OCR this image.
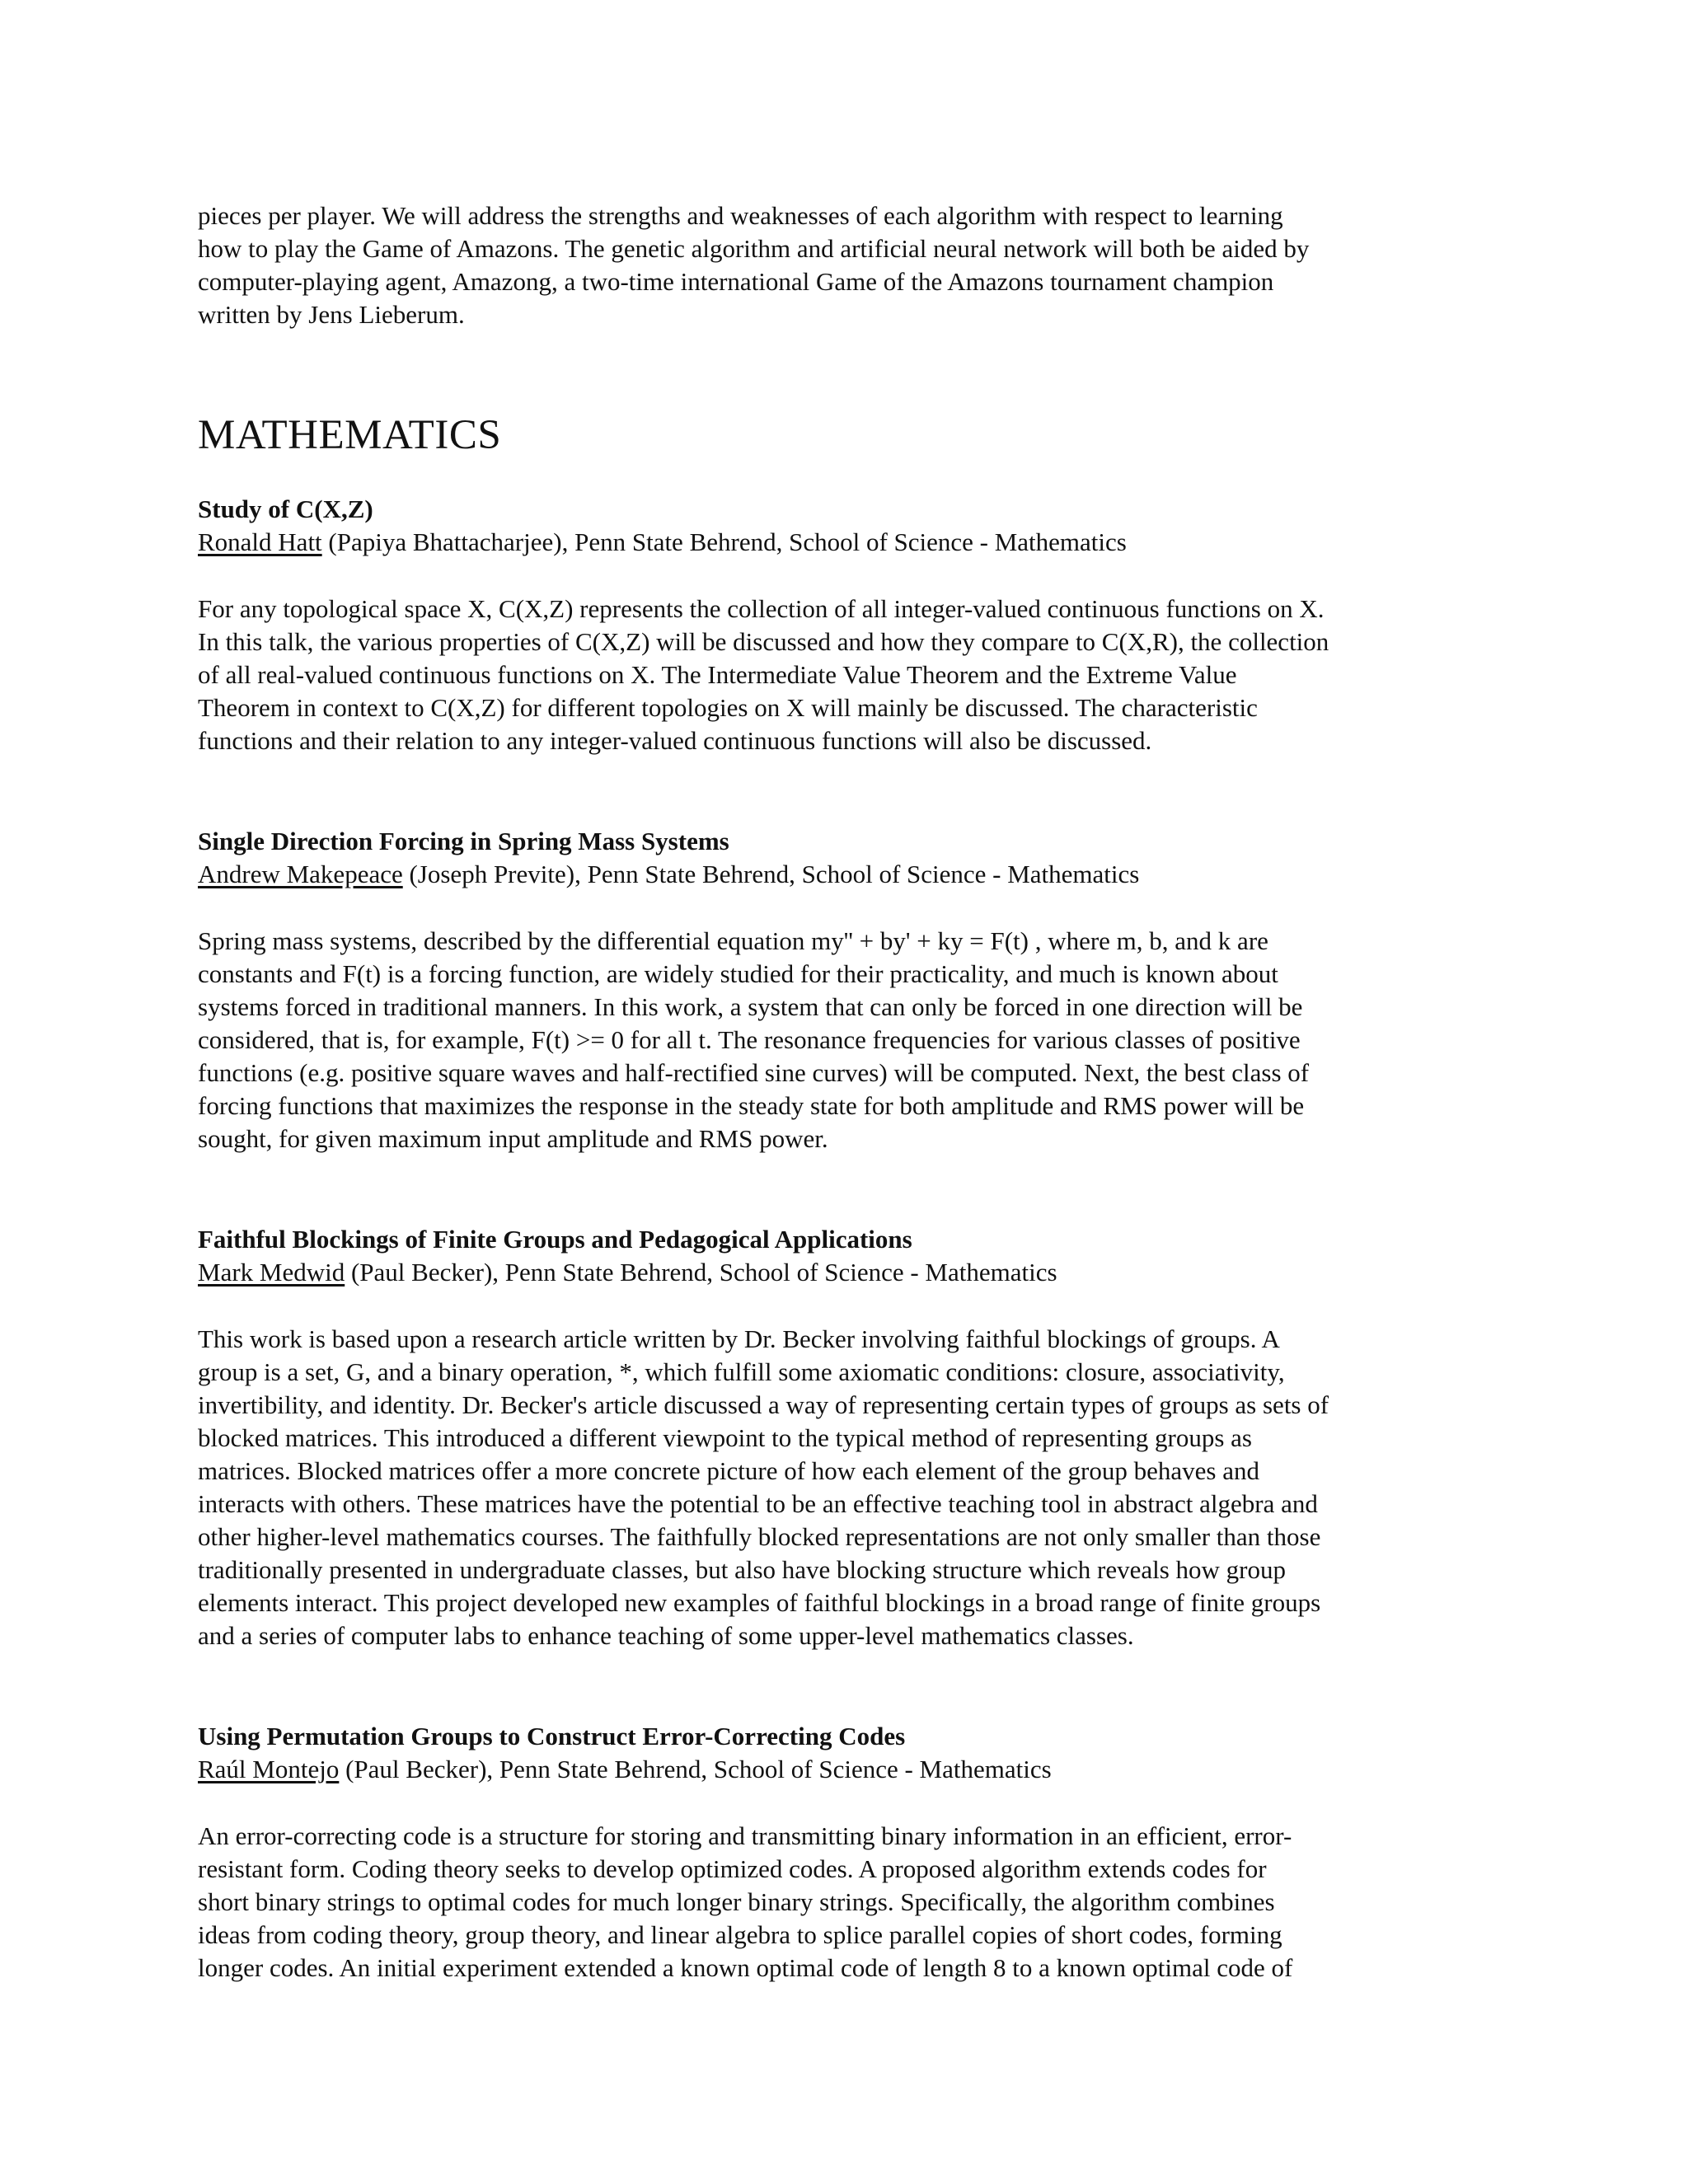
pieces per player. We will address the strengths and weaknesses of each algorithm with respect to learning
how to play the Game of Amazons. The genetic algorithm and artificial neural network will both be aided by
computer-playing agent, Amazong, a two-time international Game of the Amazons tournament champion
written by Jens Lieberum.

MATHEMATICS

Study of C(X,Z)

Ronald Hatt (Papiya Bhattacharjee), Penn State Behrend, School of Science - Mathematics

For any topological space X, C(X,Z) represents the collection of all integer-valued continuous functions on X.
In this talk, the various properties of C(X,Z) will be discussed and how they compare to C(X,R), the collection
of all real-valued continuous functions on X. The Intermediate Value Theorem and the Extreme Value
Theorem in context to C(X,Z) for different topologies on X will mainly be discussed. The characteristic
functions and their relation to any integer-valued continuous functions will also be discussed.

Single Direction Forcing in Spring Mass Systems

Andrew Makepeace (Joseph Previte), Penn State Behrend, School of Science - Mathematics

Spring mass systems, described by the differential equation my'' + by' + ky = F(t) , where m, b, and k are
constants and F(t) is a forcing function, are widely studied for their practicality, and much is known about
systems forced in traditional manners. In this work, a system that can only be forced in one direction will be
considered, that is, for example, F(t) >= 0 for all t. The resonance frequencies for various classes of positive
functions (e.g. positive square waves and half-rectified sine curves) will be computed. Next, the best class of
forcing functions that maximizes the response in the steady state for both amplitude and RMS power will be
sought, for given maximum input amplitude and RMS power.

Faithful Blockings of Finite Groups and Pedagogical Applications

Mark Medwid (Paul Becker), Penn State Behrend, School of Science - Mathematics

This work is based upon a research article written by Dr. Becker involving faithful blockings of groups. A
group is a set, G, and a binary operation, *, which fulfill some axiomatic conditions: closure, associativity,
invertibility, and identity. Dr. Becker's article discussed a way of representing certain types of groups as sets of
blocked matrices. This introduced a different viewpoint to the typical method of representing groups as
matrices. Blocked matrices offer a more concrete picture of how each element of the group behaves and
interacts with others. These matrices have the potential to be an effective teaching tool in abstract algebra and
other higher-level mathematics courses. The faithfully blocked representations are not only smaller than those
traditionally presented in undergraduate classes, but also have blocking structure which reveals how group
elements interact. This project developed new examples of faithful blockings in a broad range of finite groups
and a series of computer labs to enhance teaching of some upper-level mathematics classes.

Using Permutation Groups to Construct Error-Correcting Codes

Raúl Montejo (Paul Becker), Penn State Behrend, School of Science - Mathematics

An error-correcting code is a structure for storing and transmitting binary information in an efficient, error-
resistant form. Coding theory seeks to develop optimized codes. A proposed algorithm extends codes for
short binary strings to optimal codes for much longer binary strings. Specifically, the algorithm combines
ideas from coding theory, group theory, and linear algebra to splice parallel copies of short codes, forming
longer codes. An initial experiment extended a known optimal code of length 8 to a known optimal code of
